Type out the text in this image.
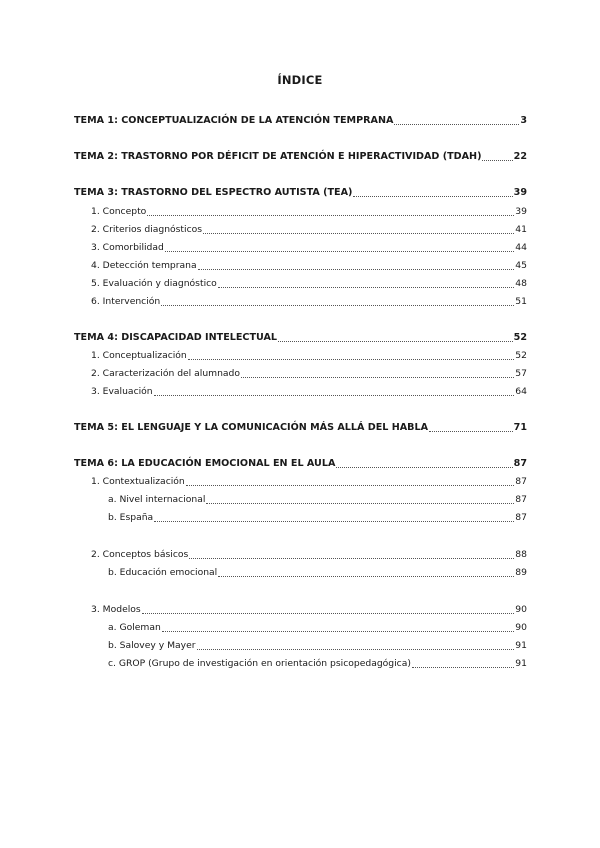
ÍNDICE
TEMA 1: CONCEPTUALIZACIÓN DE LA ATENCIÓN TEMPRANA	3
TEMA 2: TRASTORNO POR DÉFICIT DE ATENCIÓN E HIPERACTIVIDAD (TDAH)	22
TEMA 3: TRASTORNO DEL ESPECTRO AUTISTA (TEA)	39
1. Concepto	39
2. Criterios diagnósticos	41
3. Comorbilidad	44
4. Detección temprana	45
5. Evaluación y diagnóstico	48
6. Intervención	51
TEMA 4: DISCAPACIDAD INTELECTUAL	52
1. Conceptualización	52
2. Caracterización del alumnado	57
3. Evaluación	64
TEMA 5: EL LENGUAJE Y LA COMUNICACIÓN MÁS ALLÁ DEL HABLA	71
TEMA 6: LA EDUCACIÓN EMOCIONAL EN EL AULA	87
1. Contextualización	87
a. Nivel internacional	87
b. España	87
2. Conceptos básicos	88
b. Educación emocional	89
3. Modelos	90
a. Goleman	90
b. Salovey y Mayer	91
c. GROP (Grupo de investigación en orientación psicopedagógica)	91
